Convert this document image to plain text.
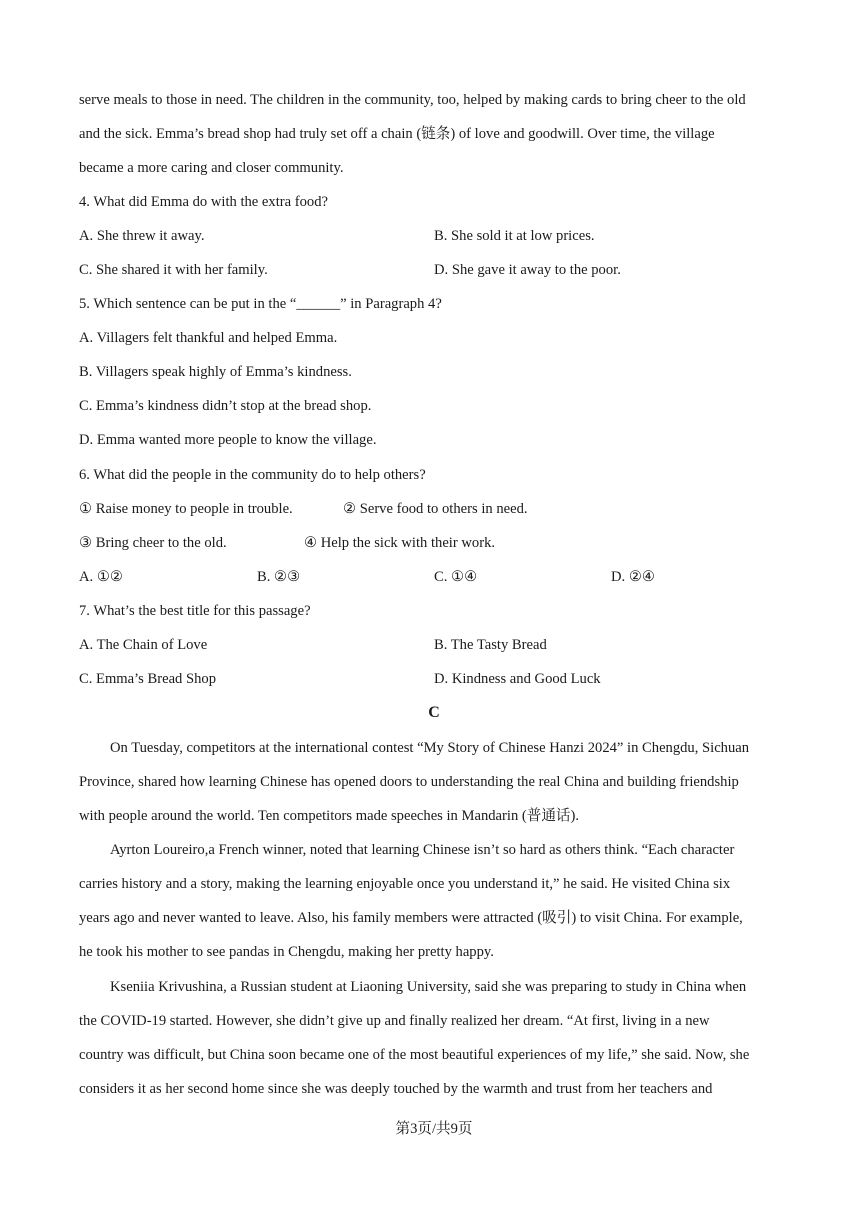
serve meals to those in need. The children in the community, too, helped by making cards to bring cheer to the old
and the sick. Emma’s bread shop had truly set off a chain (链条) of love and goodwill. Over time, the village
became a more caring and closer community.
4. What did Emma do with the extra food?
A. She threw it away.	B. She sold it at low prices.
C. She shared it with her family.	D. She gave it away to the poor.
5. Which sentence can be put in the “______” in Paragraph 4?
A. Villagers felt thankful and helped Emma.
B. Villagers speak highly of Emma’s kindness.
C. Emma’s kindness didn’t stop at the bread shop.
D. Emma wanted more people to know the village.
6. What did the people in the community do to help others?
① Raise money to people in trouble.	② Serve food to others in need.
③ Bring cheer to the old.	④ Help the sick with their work.
A. ①②	B. ②③	C. ①④	D. ②④
7. What’s the best title for this passage?
A. The Chain of Love	B. The Tasty Bread
C. Emma’s Bread Shop	D. Kindness and Good Luck
C
On Tuesday, competitors at the international contest “My Story of Chinese Hanzi 2024” in Chengdu, Sichuan
Province, shared how learning Chinese has opened doors to understanding the real China and building friendship
with people around the world. Ten competitors made speeches in Mandarin (普通话).
Ayrton Loureiro,a French winner, noted that learning Chinese isn’t so hard as others think. “Each character
carries history and a story, making the learning enjoyable once you understand it,” he said. He visited China six
years ago and never wanted to leave. Also, his family members were attracted (吸引) to visit China. For example,
he took his mother to see pandas in Chengdu, making her pretty happy.
Kseniia Krivushina, a Russian student at Liaoning University, said she was preparing to study in China when
the COVID-19 started. However, she didn’t give up and finally realized her dream. “At first, living in a new
country was difficult, but China soon became one of the most beautiful experiences of my life,” she said. Now, she
considers it as her second home since she was deeply touched by the warmth and trust from her teachers and
第3页/共9页
